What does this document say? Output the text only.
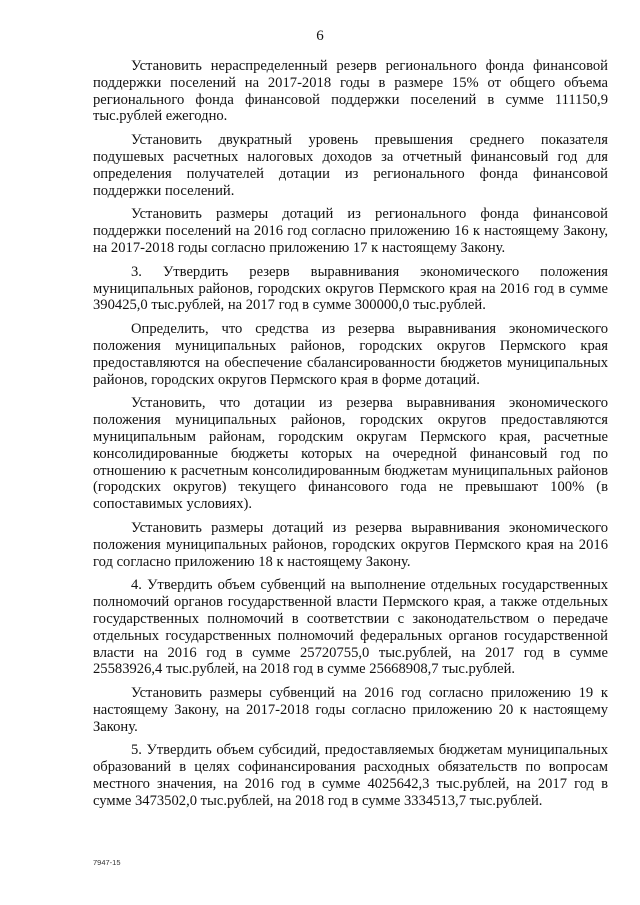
6

Установить нераспределенный резерв регионального фонда финансовой поддержки поселений на 2017-2018 годы в размере 15% от общего объема регионального фонда финансовой поддержки поселений в сумме 111150,9 тыс.рублей ежегодно.

Установить двукратный уровень превышения среднего показателя подушевых расчетных налоговых доходов за отчетный финансовый год для определения получателей дотации из регионального фонда финансовой поддержки поселений.

Установить размеры дотаций из регионального фонда финансовой поддержки поселений на 2016 год согласно приложению 16 к настоящему Закону, на 2017-2018 годы согласно приложению 17 к настоящему Закону.

3. Утвердить резерв выравнивания экономического положения муниципальных районов, городских округов Пермского края на 2016 год в сумме 390425,0 тыс.рублей, на 2017 год в сумме 300000,0 тыс.рублей.

Определить, что средства из резерва выравнивания экономического положения муниципальных районов, городских округов Пермского края предоставляются на обеспечение сбалансированности бюджетов муниципальных районов, городских округов Пермского края в форме дотаций.

Установить, что дотации из резерва выравнивания экономического положения муниципальных районов, городских округов предоставляются муниципальным районам, городским округам Пермского края, расчетные консолидированные бюджеты которых на очередной финансовый год по отношению к расчетным консолидированным бюджетам муниципальных районов (городских округов) текущего финансового года не превышают 100% (в сопоставимых условиях).

Установить размеры дотаций из резерва выравнивания экономического положения муниципальных районов, городских округов Пермского края на 2016 год согласно приложению 18 к настоящему Закону.

4. Утвердить объем субвенций на выполнение отдельных государственных полномочий органов государственной власти Пермского края, а также отдельных государственных полномочий в соответствии с законодательством о передаче отдельных государственных полномочий федеральных органов государственной власти на 2016 год в сумме 25720755,0 тыс.рублей, на 2017 год в сумме 25583926,4 тыс.рублей, на 2018 год в сумме 25668908,7 тыс.рублей.

Установить размеры субвенций на 2016 год согласно приложению 19 к настоящему Закону, на 2017-2018 годы согласно приложению 20 к настоящему Закону.

5. Утвердить объем субсидий, предоставляемых бюджетам муниципальных образований в целях софинансирования расходных обязательств по вопросам местного значения, на 2016 год в сумме 4025642,3 тыс.рублей, на 2017 год в сумме 3473502,0 тыс.рублей, на 2018 год в сумме 3334513,7 тыс.рублей.

7947-15
